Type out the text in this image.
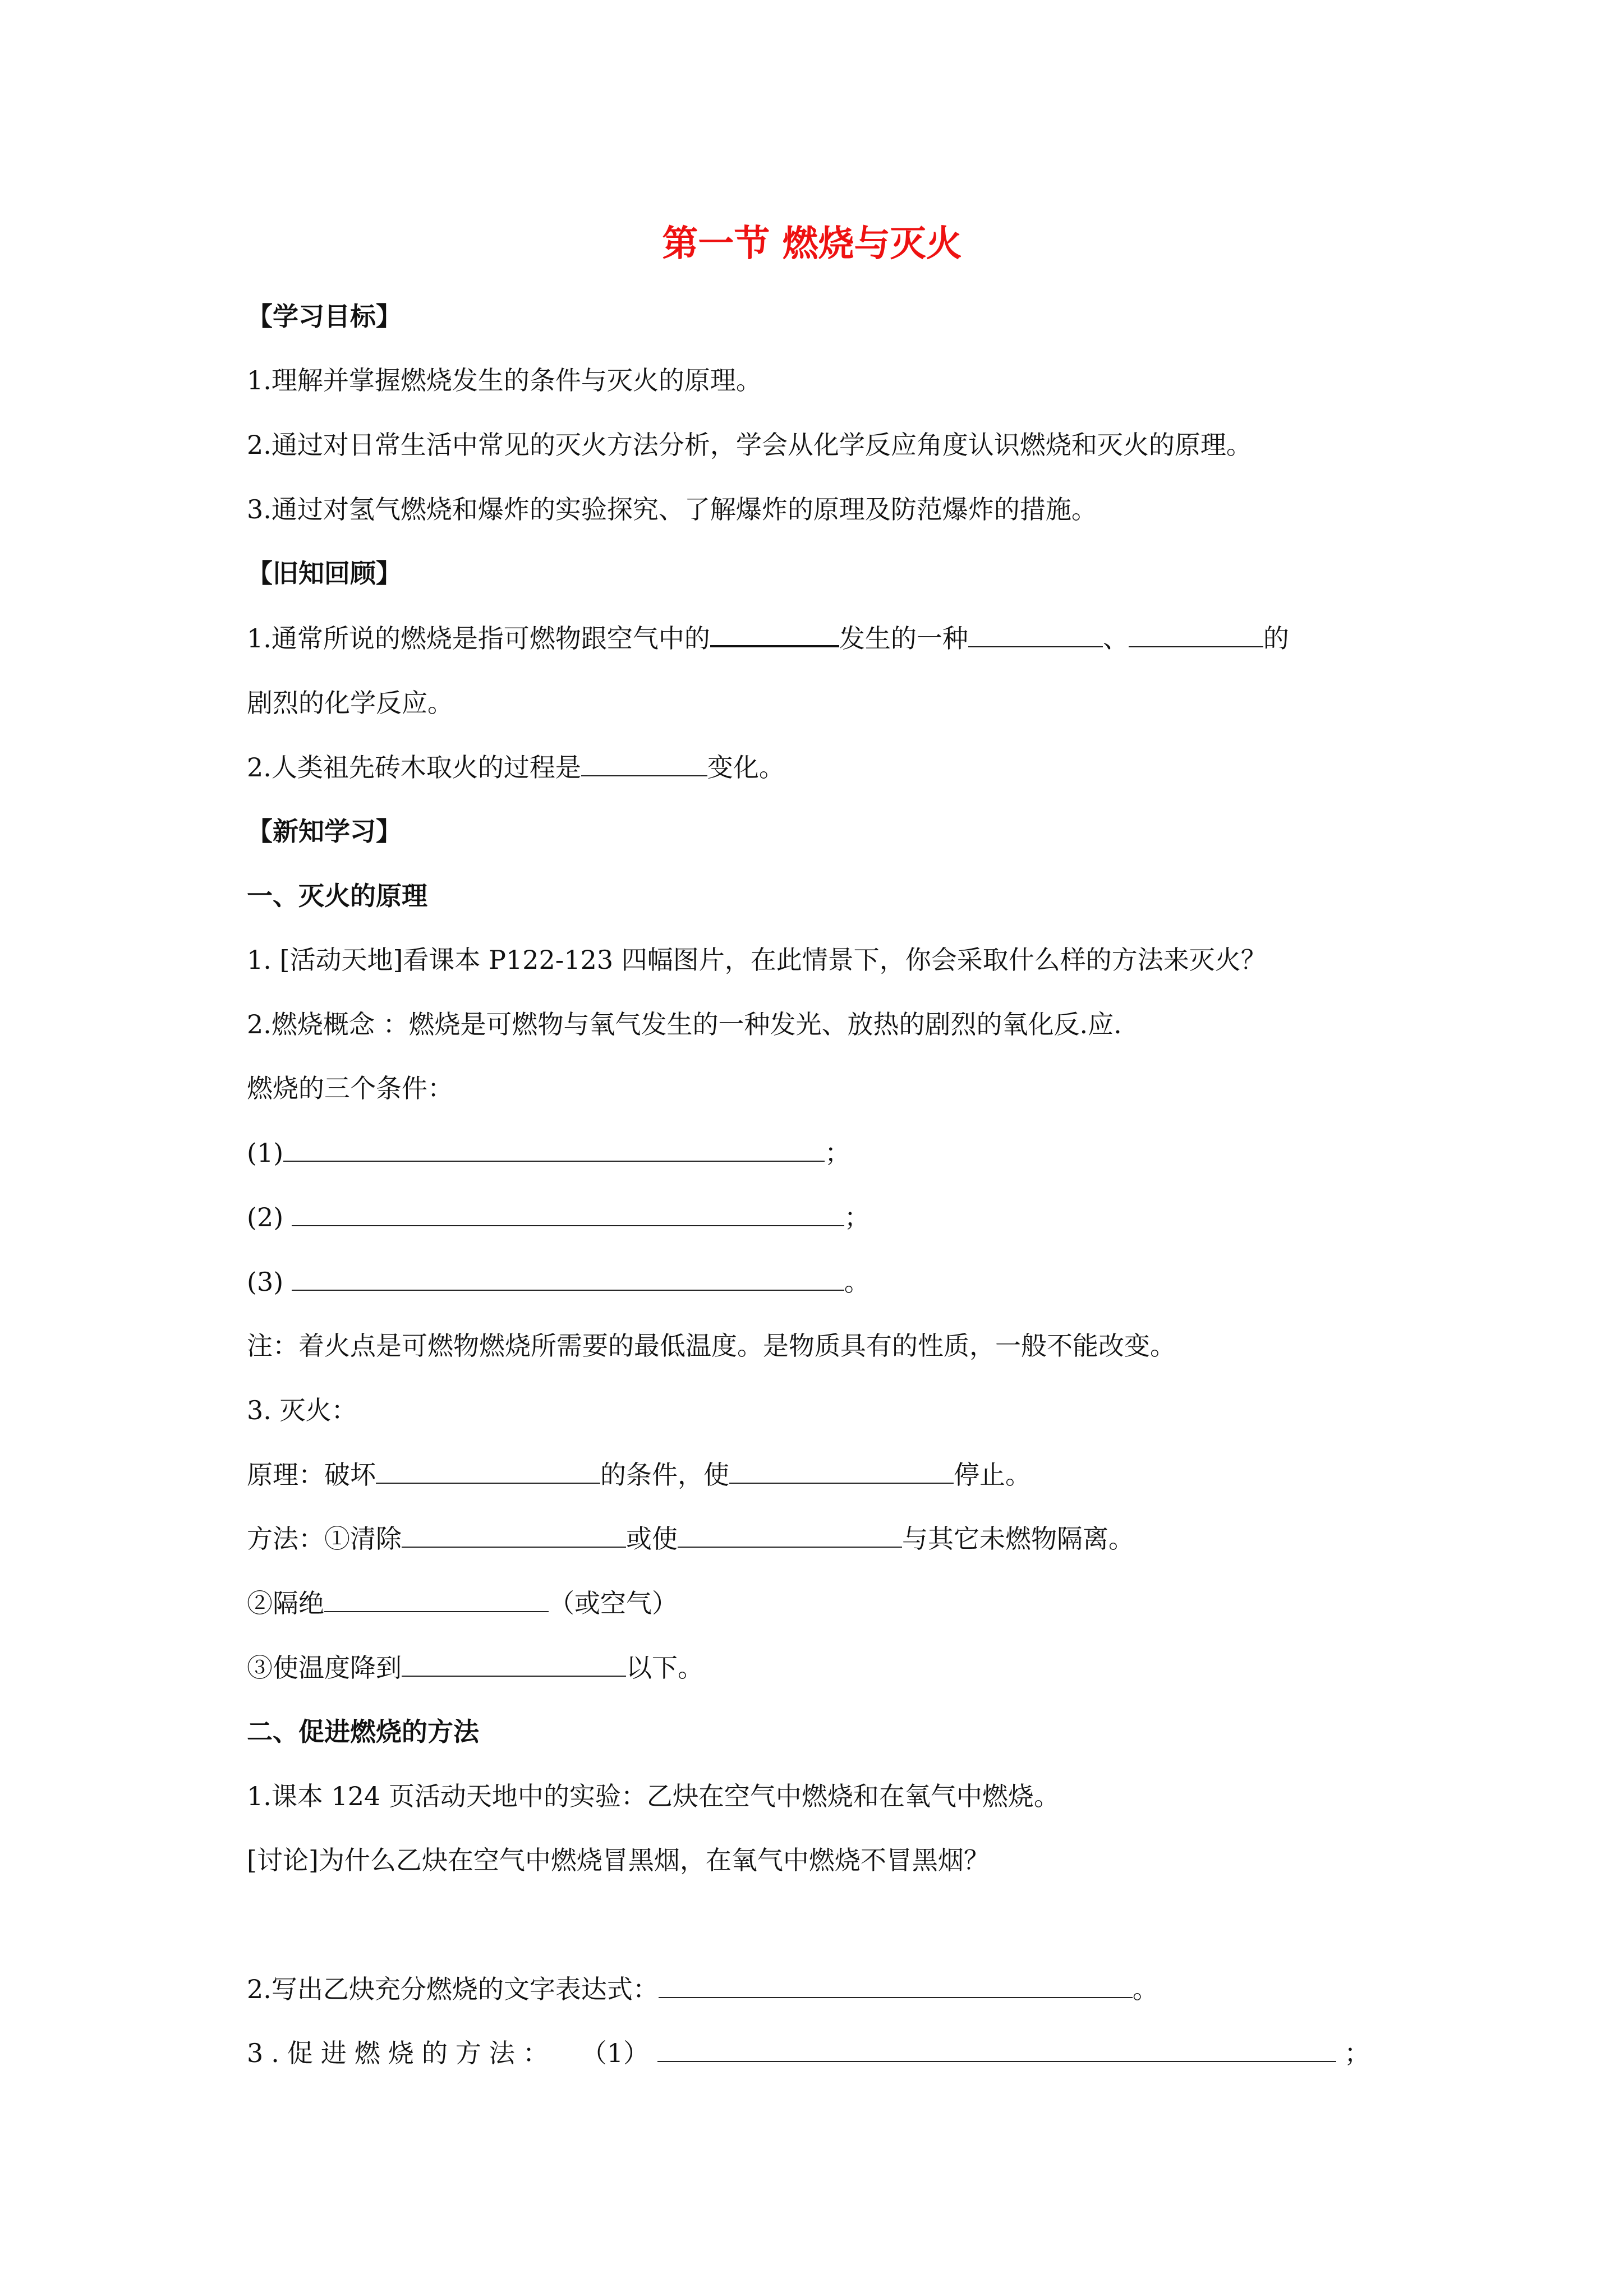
第一节 燃烧与灭火
【学习目标】
1.理解并掌握燃烧发生的条件与灭火的原理。
2.通过对日常生活中常见的灭火方法分析，学会从化学反应角度认识燃烧和灭火的原理。
3.通过对氢气燃烧和爆炸的实验探究、了解爆炸的原理及防范爆炸的措施。
【旧知回顾】
1.通常所说的燃烧是指可燃物跟空气中的	发生的一种	、	的
剧烈的化学反应。
2.人类祖先砖木取火的过程是	变化。
【新知学习】
一、灭火的原理
1. [活动天地]看课本 P122-123 四幅图片，在此情景下，你会采取什么样的方法来灭火？
2.燃烧概念 ：燃烧是可燃物与氧气发生的一种发光、放热的剧烈的氧化反.应.
燃烧的三个条件：
(1)	；
(2)	；
(3)	。
注：着火点是可燃物燃烧所需要的最低温度。是物质具有的性质，一般不能改变。
3. 灭火：
原理：破坏	的条件，使	停止。
方法：①清除	或使	与其它未燃物隔离。
②隔绝	（或空气）
③使温度降到	以下。
二、促进燃烧的方法
1.课本 124 页活动天地中的实验：乙炔在空气中燃烧和在氧气中燃烧。
[讨论]为什么乙炔在空气中燃烧冒黑烟，在氧气中燃烧不冒黑烟？
2.写出乙炔充分燃烧的文字表达式：	。
3.促进燃烧的方法： （1）	；
